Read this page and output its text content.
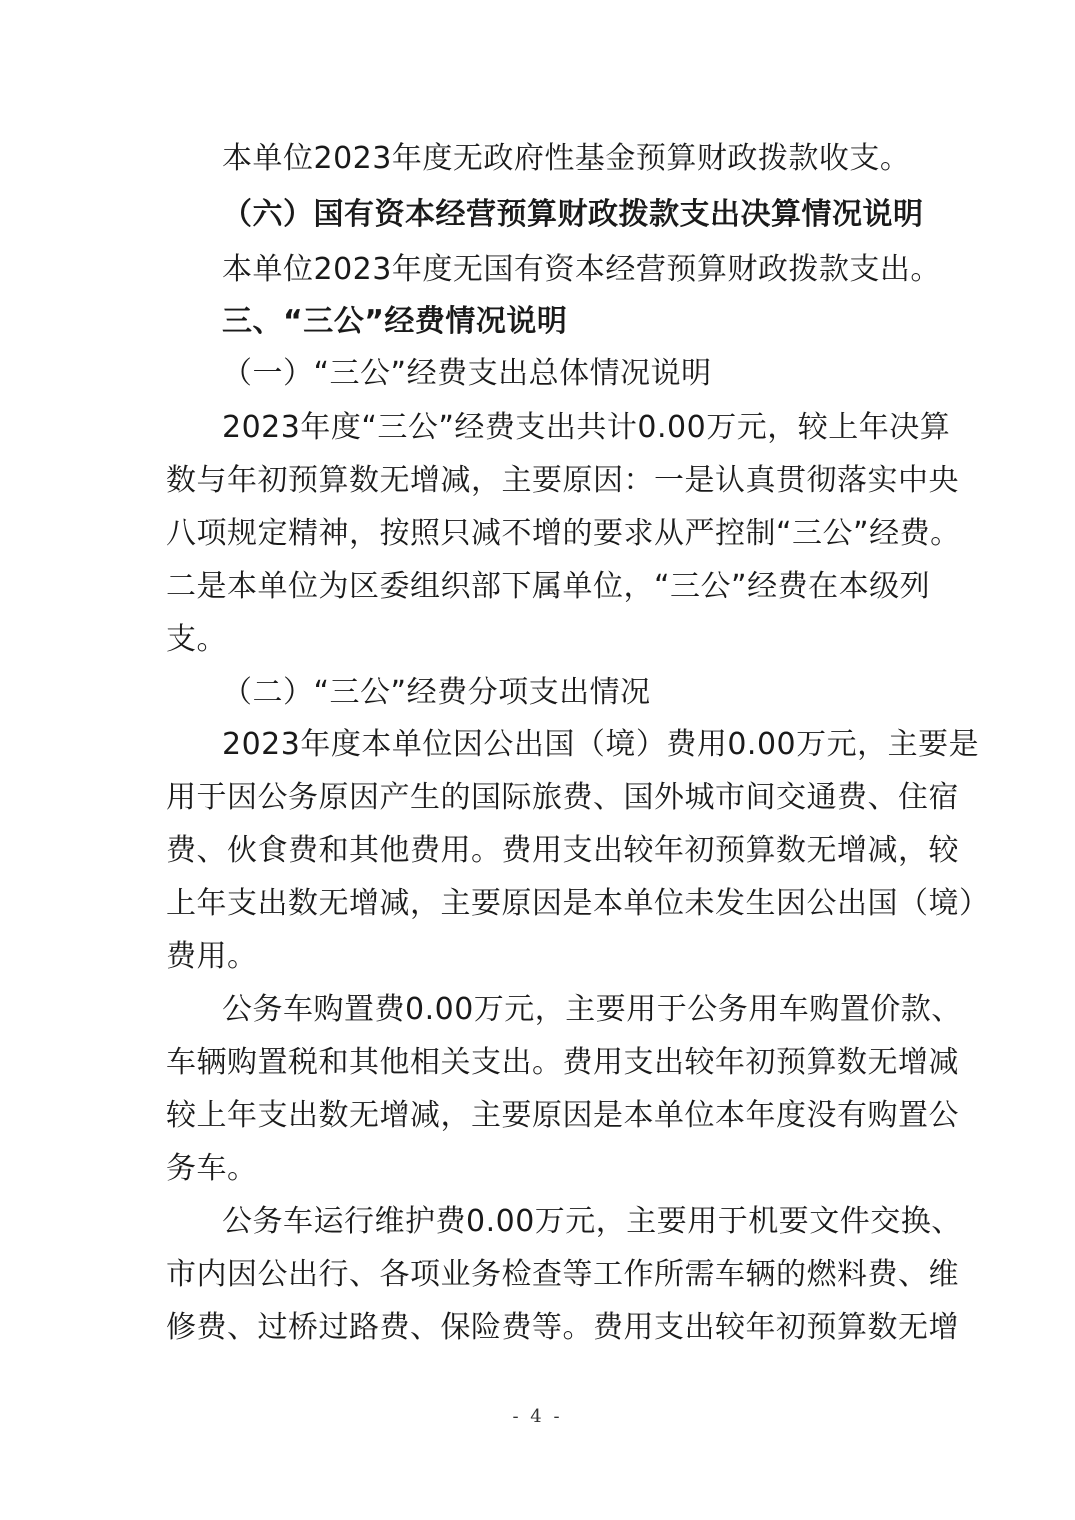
本单位2023年度无政府性基金预算财政拨款收支。
（六）国有资本经营预算财政拨款支出决算情况说明
本单位2023年度无国有资本经营预算财政拨款支出。
三、“三公”经费情况说明
（一）“三公”经费支出总体情况说明
2023年度“三公”经费支出共计0.00万元，较上年决算
数与年初预算数无增减，主要原因：一是认真贯彻落实中央
八项规定精神，按照只减不增的要求从严控制“三公”经费。
二是本单位为区委组织部下属单位，“三公”经费在本级列
支。
（二）“三公”经费分项支出情况
2023年度本单位因公出国（境）费用0.00万元，主要是
用于因公务原因产生的国际旅费、国外城市间交通费、住宿
费、伙食费和其他费用。费用支出较年初预算数无增减，较
上年支出数无增减，主要原因是本单位未发生因公出国（境）
费用。
公务车购置费0.00万元，主要用于公务用车购置价款、
车辆购置税和其他相关支出。费用支出较年初预算数无增减
较上年支出数无增减，主要原因是本单位本年度没有购置公
务车。
公务车运行维护费0.00万元，主要用于机要文件交换、
市内因公出行、各项业务检查等工作所需车辆的燃料费、维
修费、过桥过路费、保险费等。费用支出较年初预算数无增
- 4 -
